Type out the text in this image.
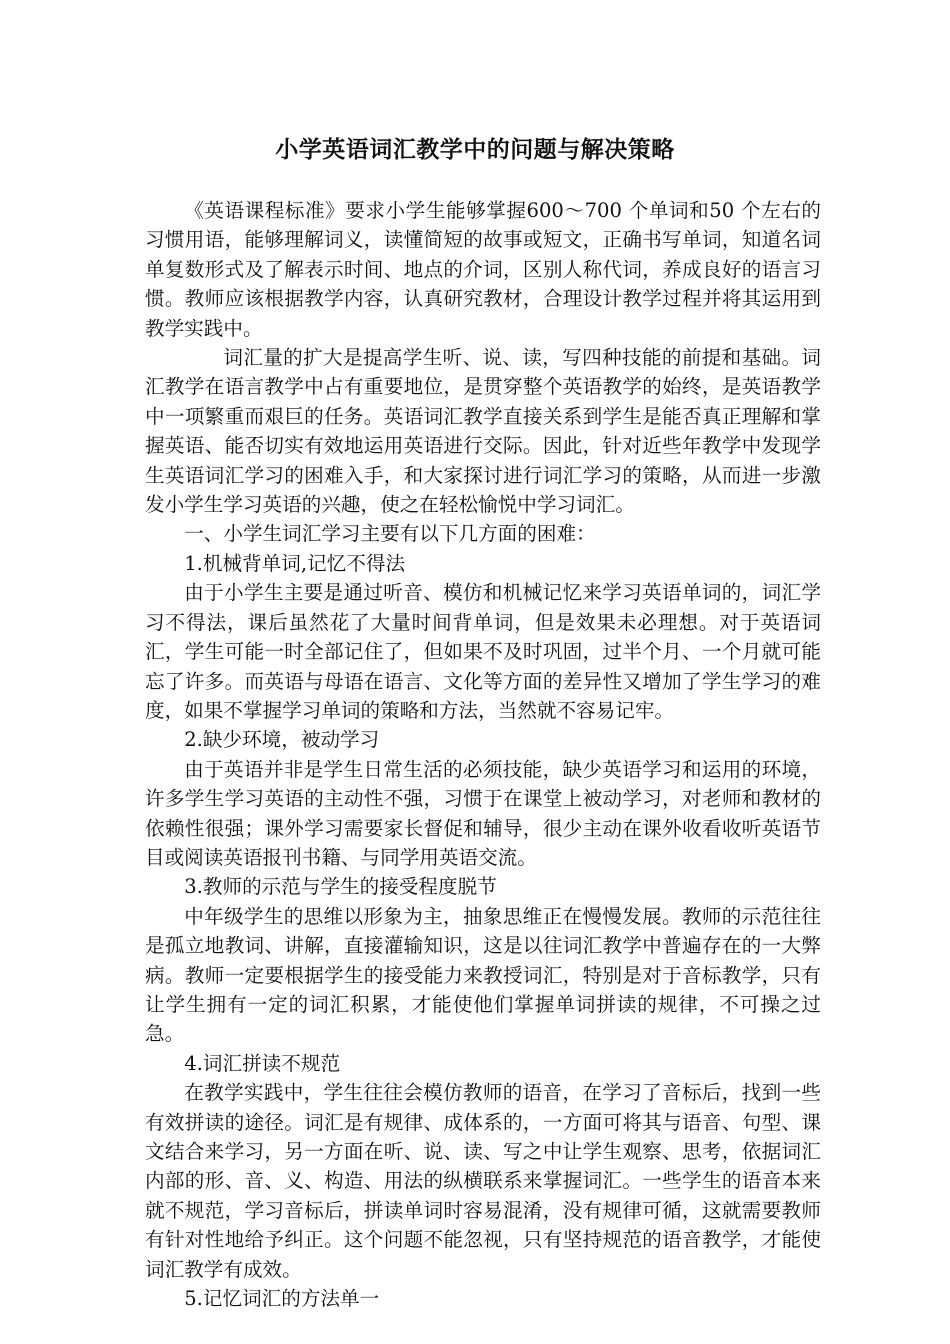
小学英语词汇教学中的问题与解决策略

《英语课程标准》要求小学生能够掌握600～700 个单词和50 个左右的习惯用语，能够理解词义，读懂简短的故事或短文，正确书写单词，知道名词单复数形式及了解表示时间、地点的介词，区别人称代词，养成良好的语言习惯。教师应该根据教学内容，认真研究教材，合理设计教学过程并将其运用到教学实践中。

词汇量的扩大是提高学生听、说、读，写四种技能的前提和基础。词汇教学在语言教学中占有重要地位，是贯穿整个英语教学的始终，是英语教学中一项繁重而艰巨的任务。英语词汇教学直接关系到学生是能否真正理解和掌握英语、能否切实有效地运用英语进行交际。因此，针对近些年教学中发现学生英语词汇学习的困难入手，和大家探讨进行词汇学习的策略，从而进一步激发小学生学习英语的兴趣，使之在轻松愉悦中学习词汇。

一、小学生词汇学习主要有以下几方面的困难：

1.机械背单词,记忆不得法

由于小学生主要是通过听音、模仿和机械记忆来学习英语单词的，词汇学习不得法，课后虽然花了大量时间背单词，但是效果未必理想。对于英语词汇，学生可能一时全部记住了，但如果不及时巩固，过半个月、一个月就可能忘了许多。而英语与母语在语言、文化等方面的差异性又增加了学生学习的难度，如果不掌握学习单词的策略和方法，当然就不容易记牢。

2.缺少环境，被动学习

由于英语并非是学生日常生活的必须技能，缺少英语学习和运用的环境，许多学生学习英语的主动性不强，习惯于在课堂上被动学习，对老师和教材的依赖性很强；课外学习需要家长督促和辅导，很少主动在课外收看收听英语节目或阅读英语报刊书籍、与同学用英语交流。

3.教师的示范与学生的接受程度脱节

中年级学生的思维以形象为主，抽象思维正在慢慢发展。教师的示范往往是孤立地教词、讲解，直接灌输知识，这是以往词汇教学中普遍存在的一大弊病。教师一定要根据学生的接受能力来教授词汇，特别是对于音标教学，只有让学生拥有一定的词汇积累，才能使他们掌握单词拼读的规律，不可操之过急。

4.词汇拼读不规范

在教学实践中，学生往往会模仿教师的语音，在学习了音标后，找到一些有效拼读的途径。词汇是有规律、成体系的，一方面可将其与语音、句型、课文结合来学习，另一方面在听、说、读、写之中让学生观察、思考，依据词汇内部的形、音、义、构造、用法的纵横联系来掌握词汇。一些学生的语音本来就不规范，学习音标后，拼读单词时容易混淆，没有规律可循，这就需要教师有针对性地给予纠正。这个问题不能忽视，只有坚持规范的语音教学，才能使词汇教学有成效。

5.记忆词汇的方法单一
